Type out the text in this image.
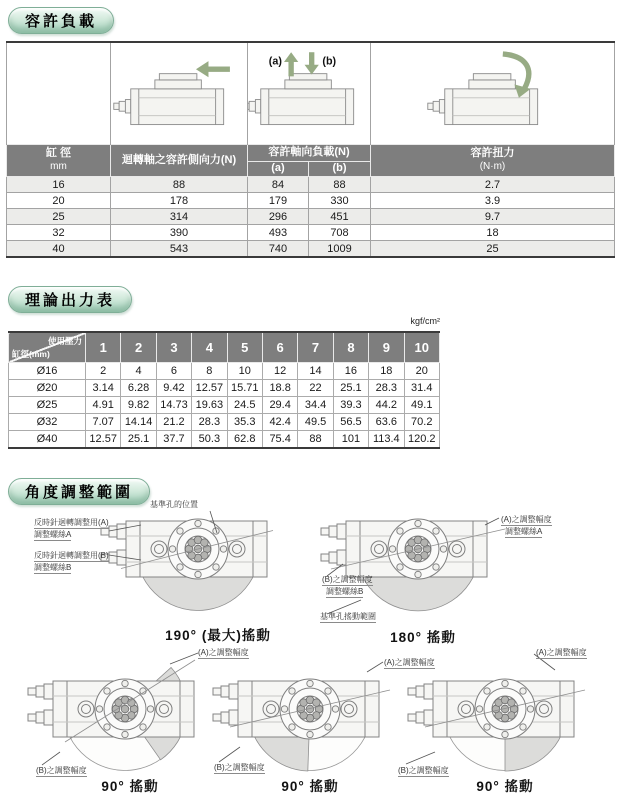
容許負載

(a) (b)

缸 徑
mm
	迴轉軸之容許側向力(N)	容許軸向負載(N)	容許扭力
(N·m)

		(a)	(b)	
16	88	84	88	2.7
20	178	179	330	3.9
25	314	296	451	9.7
32	390	493	708	18
40	543	740	1009	25
理論出力表
kgf/cm²
使用壓力
缸徑(mm)	1	2	3	4	5	6	7	8	9	10
Ø16	2	4	6	8	10	12	14	16	18	20
Ø20	3.14	6.28	9.42	12.57	15.71	18.8	22	25.1	28.3	31.4
Ø25	4.91	9.82	14.73	19.63	24.5	29.4	34.4	39.3	44.2	49.1
Ø32	7.07	14.14	21.2	28.3	35.3	42.4	49.5	56.5	63.6	70.2
Ø40	12.57	25.1	37.7	50.3	62.8	75.4	88	101	113.4	120.2
角度調整範圍
基準孔的位置
反時針迴轉調整用(A)
調整螺絲A
反時針迴轉調整用(B)
調整螺絲B
190° (最大)搖動
(A)之調整幅度
調整螺絲A
(B)之調整幅度
調整螺絲B
基準孔搖動範圍
180° 搖動
(A)之調整幅度
(B)之調整幅度
90° 搖動
(A)之調整幅度
(B)之調整幅度
90° 搖動
(A)之調整幅度
(B)之調整幅度
90° 搖動
